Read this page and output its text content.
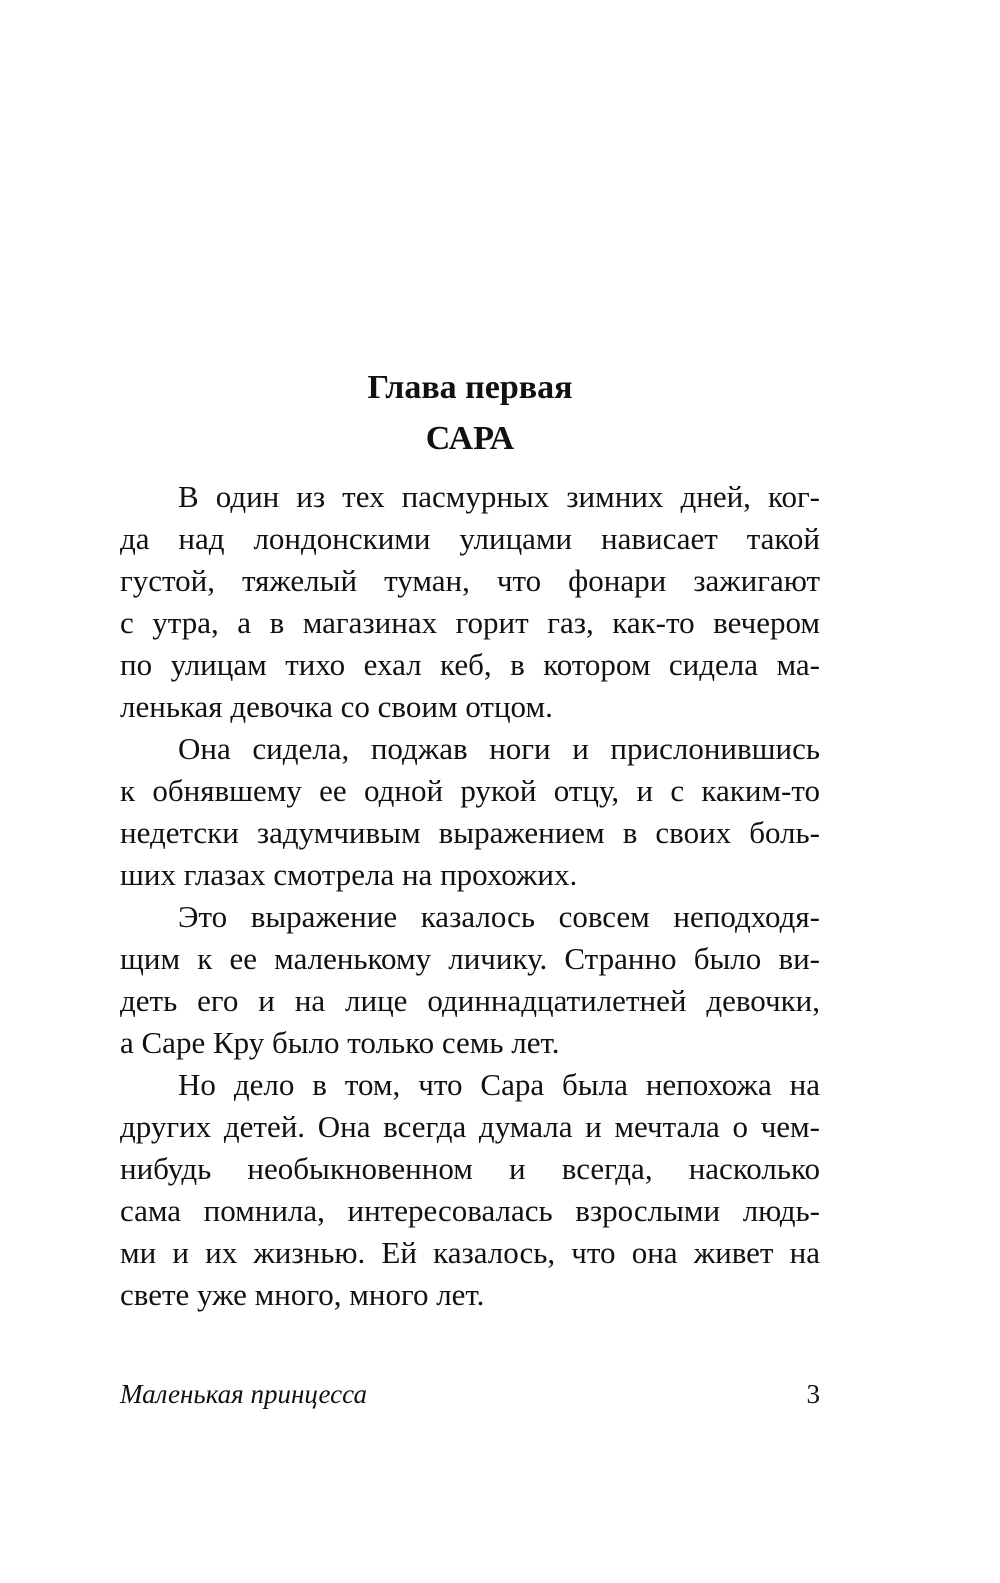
Глава первая
САРА
В один из тех пасмурных зимних дней, ког-
да над лондонскими улицами нависает такой
густой, тяжелый туман, что фонари зажигают
с утра, а в магазинах горит газ, как-то вечером
по улицам тихо ехал кеб, в котором сидела ма-
ленькая девочка со своим отцом.
Она сидела, поджав ноги и прислонившись
к обнявшему ее одной рукой отцу, и с каким-то
недетски задумчивым выражением в своих боль-
ших глазах смотрела на прохожих.
Это выражение казалось совсем неподходя-
щим к ее маленькому личику. Странно было ви-
деть его и на лице одиннадцатилетней девочки,
а Саре Кру было только семь лет.
Но дело в том, что Сара была непохожа на
других детей. Она всегда думала и мечтала о чем-
нибудь необыкновенном и всегда, насколько
сама помнила, интересовалась взрослыми людь-
ми и их жизнью. Ей казалось, что она живет на
свете уже много, много лет.
Маленькая принцесса	3
